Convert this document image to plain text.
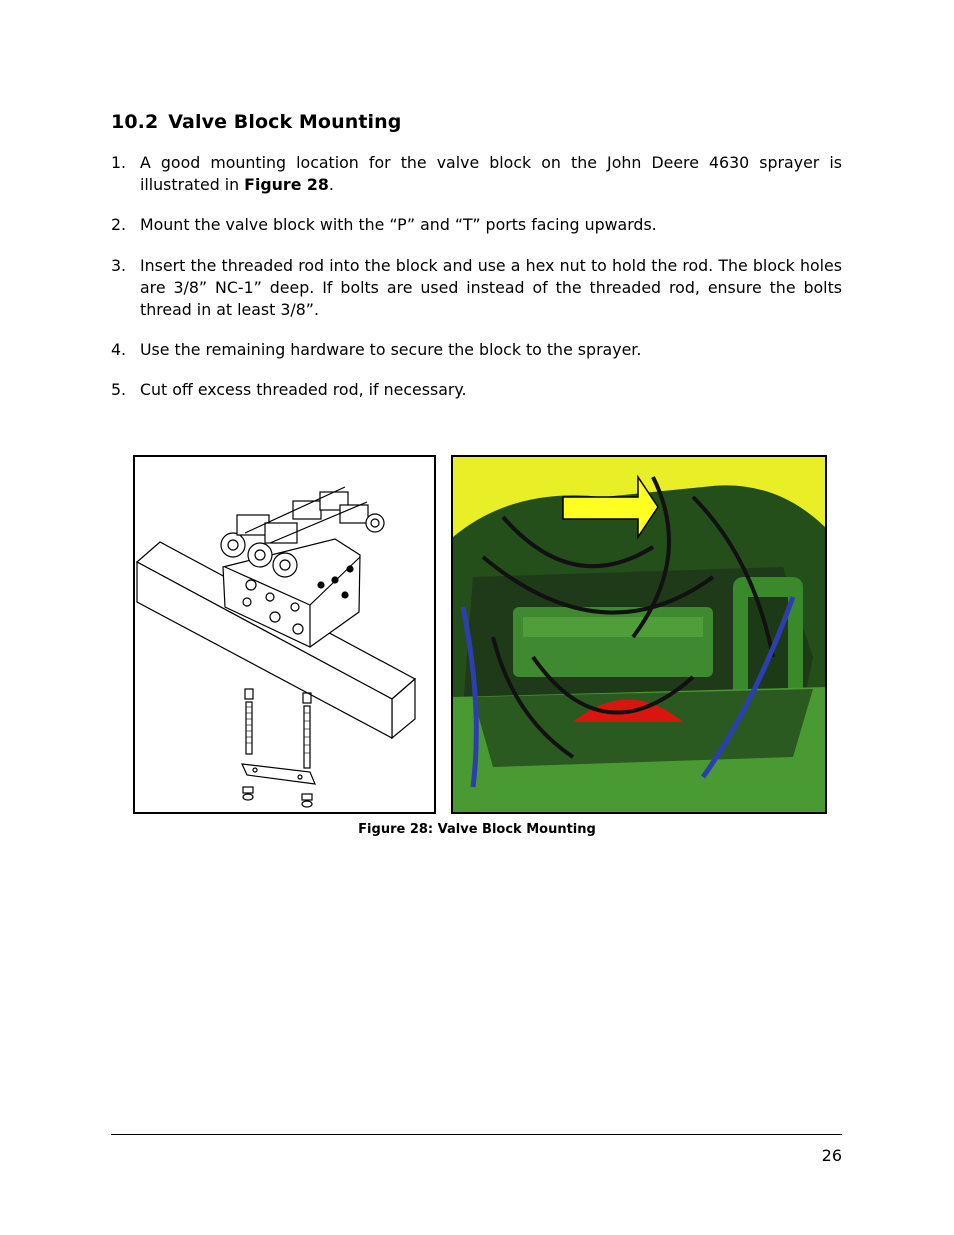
10.2 Valve Block Mounting
1. A good mounting location for the valve block on the John Deere 4630 sprayer is illustrated in Figure 28.
2. Mount the valve block with the “P” and “T” ports facing upwards.
3. Insert the threaded rod into the block and use a hex nut to hold the rod. The block holes are 3/8” NC-1” deep. If bolts are used instead of the threaded rod, ensure the bolts thread in at least 3/8”.
4. Use the remaining hardware to secure the block to the sprayer.
5. Cut off excess threaded rod, if necessary.
Figure 28: Valve Block Mounting
26
